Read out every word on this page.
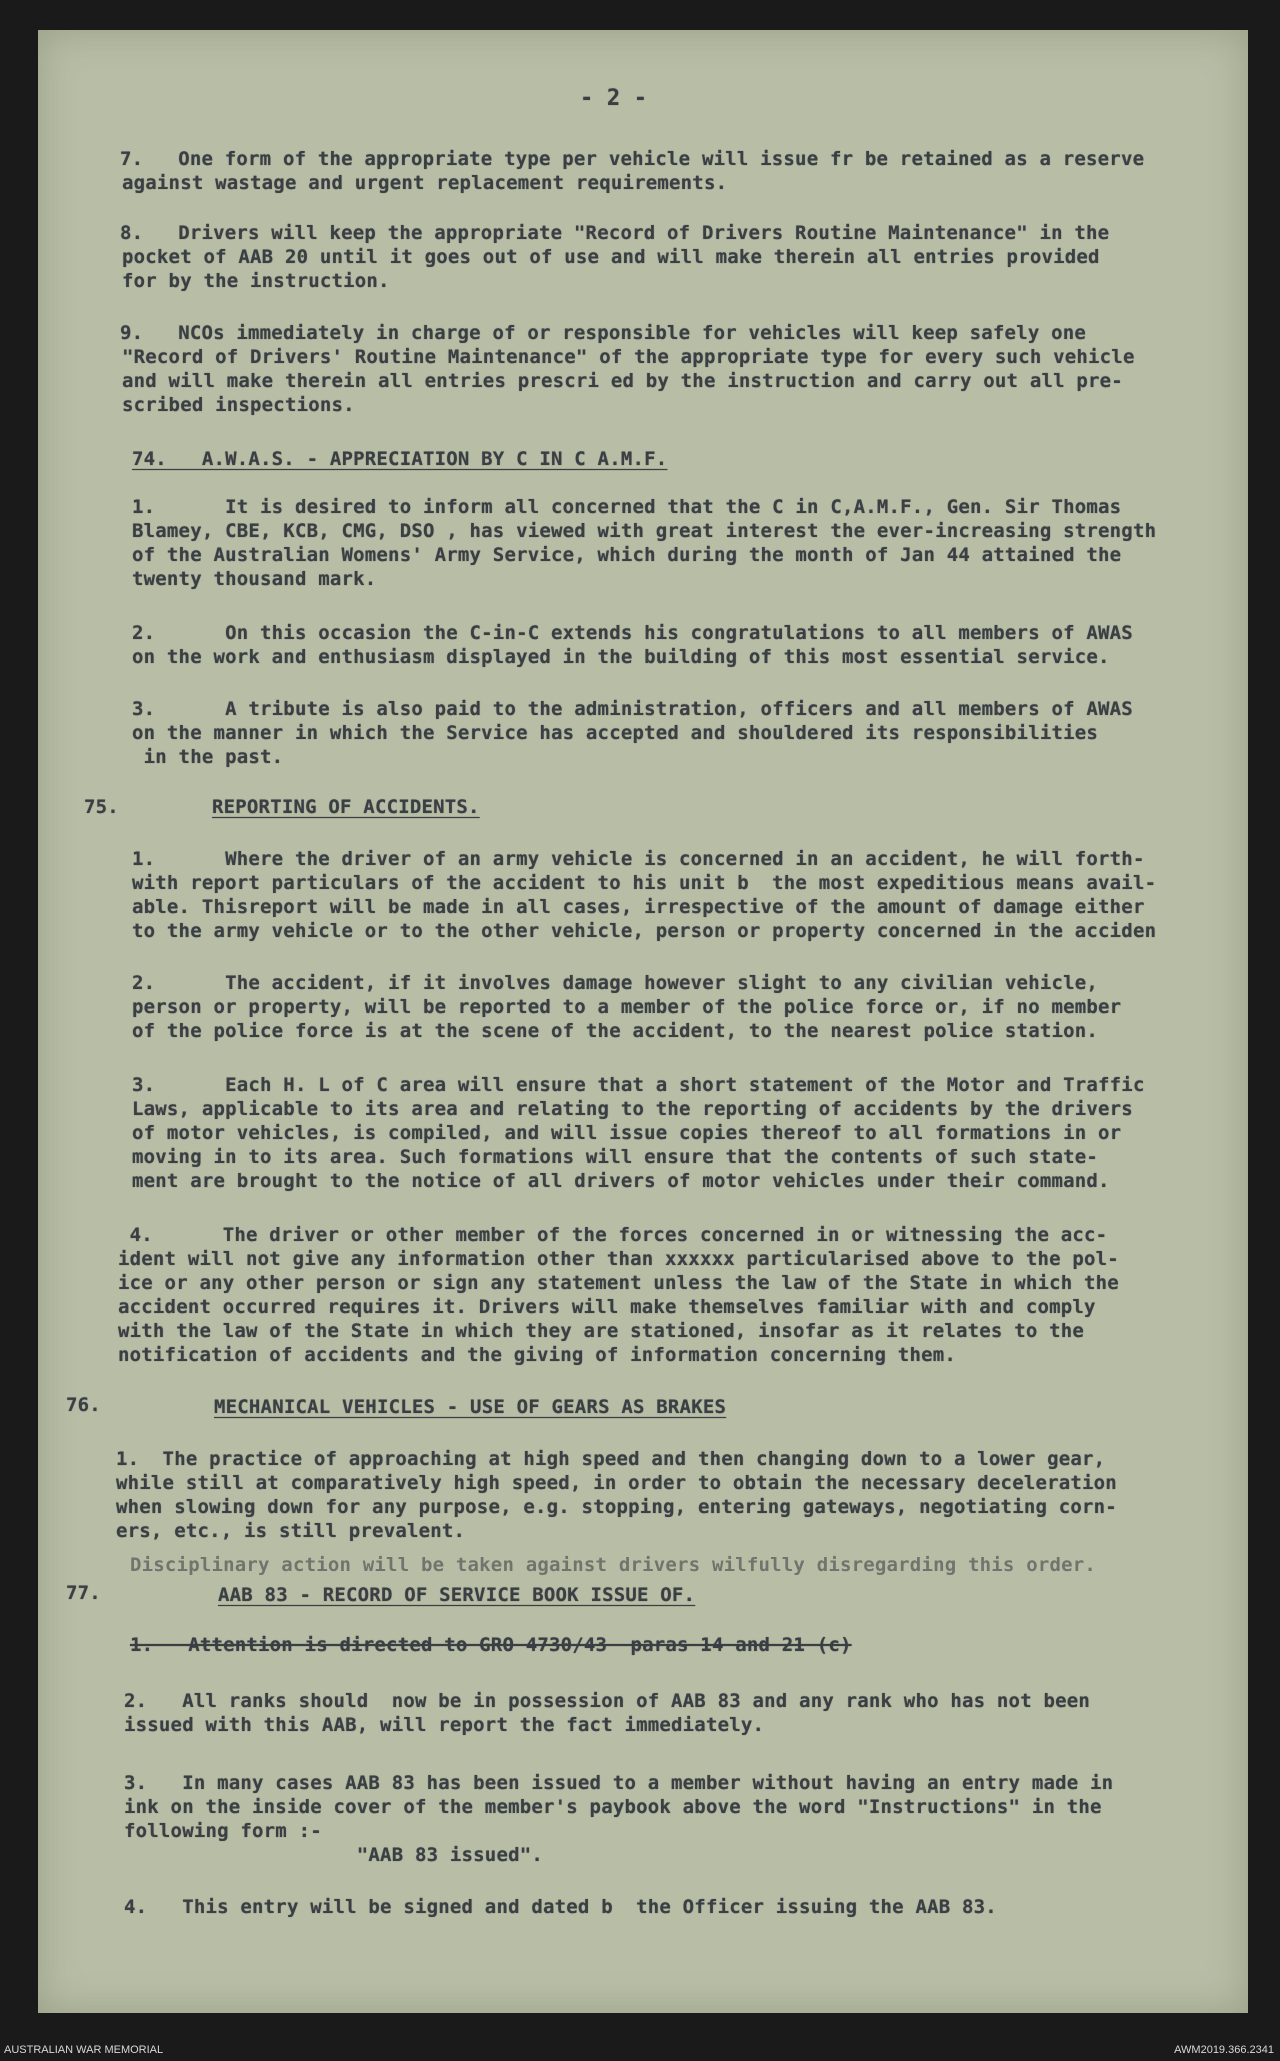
- 2 -
7.   One form of the appropriate type per vehicle will issue fr be retained as a reserve
against wastage and urgent replacement requirements.
8.   Drivers will keep the appropriate "Record of Drivers Routine Maintenance" in the
pocket of AAB 20 until it goes out of use and will make therein all entries provided
for by the instruction.
9.   NCOs immediately in charge of or responsible for vehicles will keep safely one
"Record of Drivers' Routine Maintenance" of the appropriate type for every such vehicle
and will make therein all entries prescri ed by the instruction and carry out all pre-
scribed inspections.
74.   A.W.A.S. - APPRECIATION BY C IN C A.M.F.
1.      It is desired to inform all concerned that the C in C,A.M.F., Gen. Sir Thomas
Blamey, CBE, KCB, CMG, DSO , has viewed with great interest the ever-increasing strength
of the Australian Womens' Army Service, which during the month of Jan 44 attained the
twenty thousand mark.
2.      On this occasion the C-in-C extends his congratulations to all members of AWAS
on the work and enthusiasm displayed in the building of this most essential service.
3.      A tribute is also paid to the administration, officers and all members of AWAS
on the manner in which the Service has accepted and shouldered its responsibilities
in the past.
75.	REPORTING OF ACCIDENTS.
1.      Where the driver of an army vehicle is concerned in an accident, he will forth-
with report particulars of the accident to his unit b  the most expeditious means avail-
able. Thisreport will be made in all cases, irrespective of the amount of damage either
to the army vehicle or to the other vehicle, person or property concerned in the acciden
2.      The accident, if it involves damage however slight to any civilian vehicle,
person or property, will be reported to a member of the police force or, if no member
of the police force is at the scene of the accident, to the nearest police station.
3.      Each H. L of C area will ensure that a short statement of the Motor and Traffic
Laws, applicable to its area and relating to the reporting of accidents by the drivers
of motor vehicles, is compiled, and will issue copies thereof to all formations in or
moving in to its area. Such formations will ensure that the contents of such state-
ment are brought to the notice of all drivers of motor vehicles under their command.
4.      The driver or other member of the forces concerned in or witnessing the acc-
ident will not give any information other than xxxxxx particularised above to the pol-
ice or any other person or sign any statement unless the law of the State in which the
accident occurred requires it. Drivers will make themselves familiar with and comply
with the law of the State in which they are stationed, insofar as it relates to the
notification of accidents and the giving of information concerning them.
76.	MECHANICAL VEHICLES - USE OF GEARS AS BRAKES
1.  The practice of approaching at high speed and then changing down to a lower gear,
while still at comparatively high speed, in order to obtain the necessary deceleration
when slowing down for any purpose, e.g. stopping, entering gateways, negotiating corn-
ers, etc., is still prevalent.
Disciplinary action will be taken against drivers wilfully disregarding this order.
77.	AAB 83 - RECORD OF SERVICE BOOK ISSUE OF.
1.   Attention is directed to GRO 4730/43  paras 14 and 21 (c)
2.   All ranks should  now be in possession of AAB 83 and any rank who has not been
issued with this AAB, will report the fact immediately.
3.   In many cases AAB 83 has been issued to a member without having an entry made in
ink on the inside cover of the member's paybook above the word "Instructions" in the
following form :-
"AAB 83 issued".
4.   This entry will be signed and dated b  the Officer issuing the AAB 83.
AUSTRALIAN WAR MEMORIAL	AWM2019.366.2341
